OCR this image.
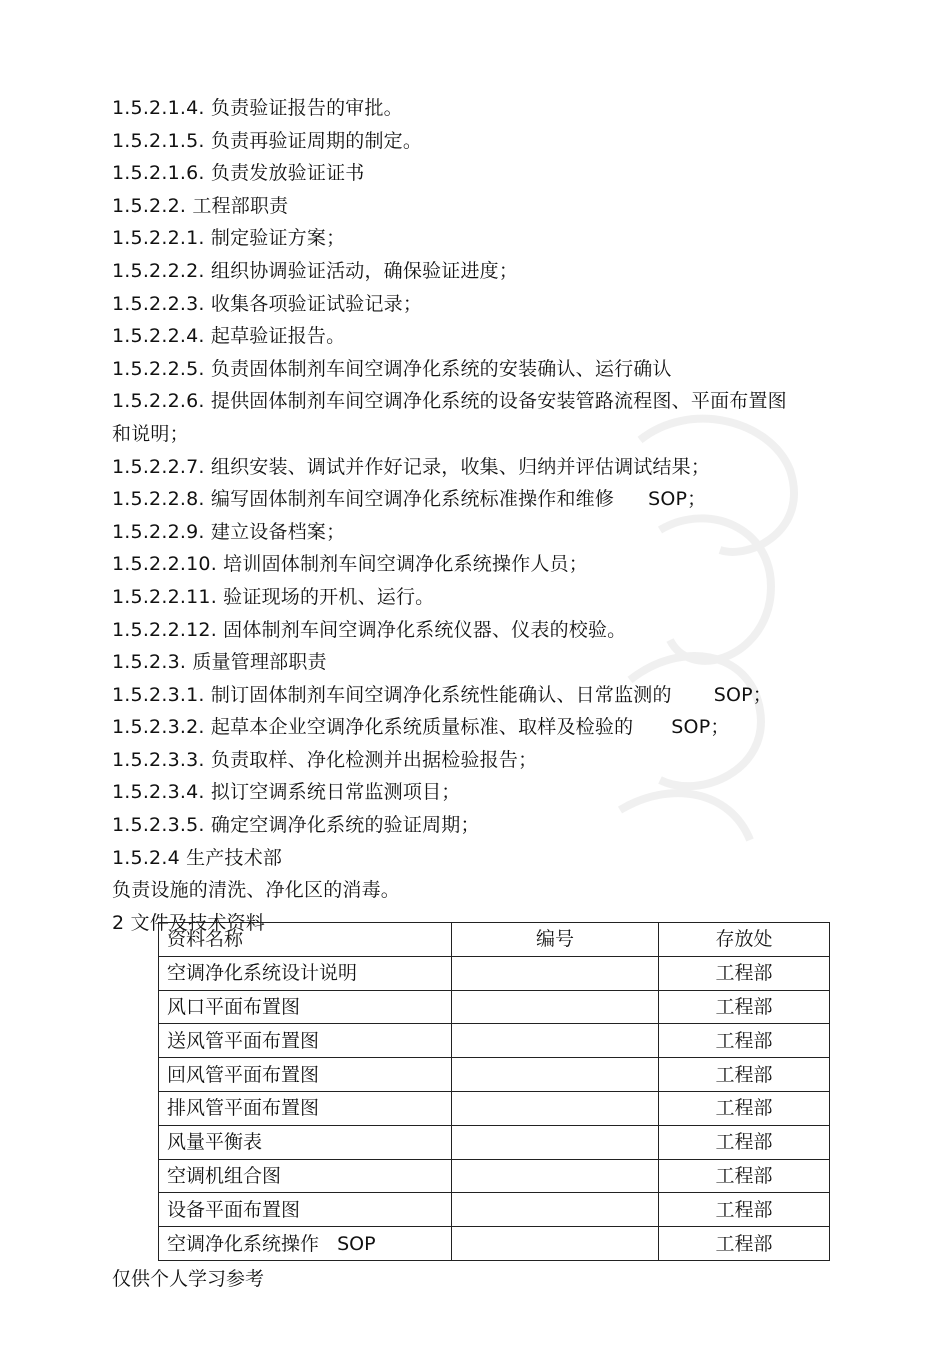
1.5.2.1.4. 负责验证报告的审批。
1.5.2.1.5. 负责再验证周期的制定。
1.5.2.1.6. 负责发放验证证书
1.5.2.2. 工程部职责
1.5.2.2.1. 制定验证方案；
1.5.2.2.2. 组织协调验证活动，确保验证进度；
1.5.2.2.3. 收集各项验证试验记录；
1.5.2.2.4. 起草验证报告。
1.5.2.2.5. 负责固体制剂车间空调净化系统的安装确认、运行确认
1.5.2.2.6. 提供固体制剂车间空调净化系统的设备安装管路流程图、平面布置图
和说明；
1.5.2.2.7. 组织安装、调试并作好记录，收集、归纳并评估调试结果；
1.5.2.2.8. 编写固体制剂车间空调净化系统标准操作和维修 SOP；
1.5.2.2.9. 建立设备档案；
1.5.2.2.10. 培训固体制剂车间空调净化系统操作人员；
1.5.2.2.11. 验证现场的开机、运行。
1.5.2.2.12. 固体制剂车间空调净化系统仪器、仪表的校验。
1.5.2.3. 质量管理部职责
1.5.2.3.1. 制订固体制剂车间空调净化系统性能确认、日常监测的 SOP；
1.5.2.3.2. 起草本企业空调净化系统质量标准、取样及检验的 SOP；
1.5.2.3.3. 负责取样、净化检测并出据检验报告；
1.5.2.3.4. 拟订空调系统日常监测项目；
1.5.2.3.5. 确定空调净化系统的验证周期；
1.5.2.4 生产技术部
负责设施的清洗、净化区的消毒。
2 文件及技术资料
资料名称	编号	存放处
空调净化系统设计说明		工程部
风口平面布置图		工程部
送风管平面布置图		工程部
回风管平面布置图		工程部
排风管平面布置图		工程部
风量平衡表		工程部
空调机组合图		工程部
设备平面布置图		工程部
空调净化系统操作   SOP		工程部
仅供个人学习参考
